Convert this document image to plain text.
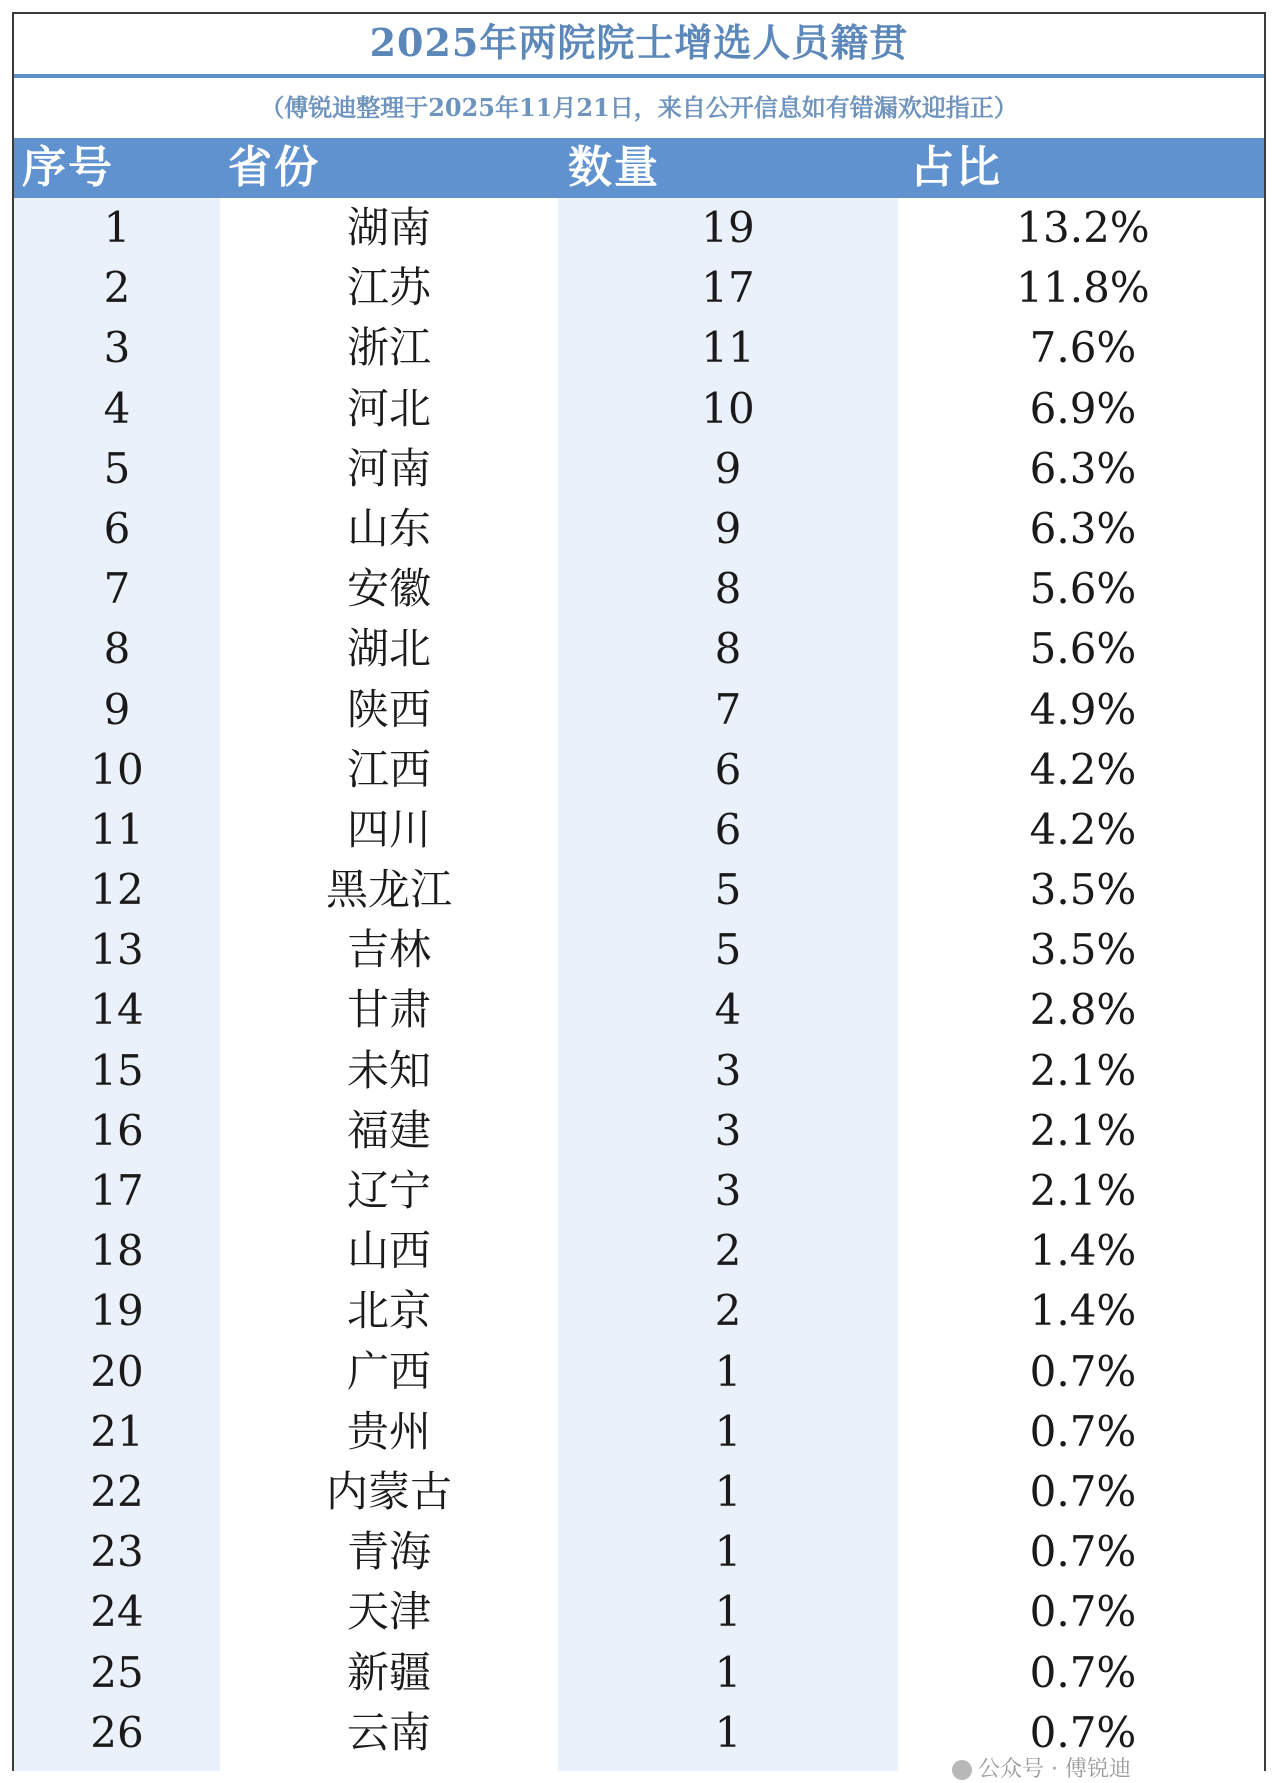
2025年两院院士增选人员籍贯
（傅锐迪整理于2025年11月21日，来自公开信息如有错漏欢迎指正）
序号	省份	数量	占比
1	湖南	19	13.2%
2	江苏	17	11.8%
3	浙江	11	7.6%
4	河北	10	6.9%
5	河南	9	6.3%
6	山东	9	6.3%
7	安徽	8	5.6%
8	湖北	8	5.6%
9	陕西	7	4.9%
10	江西	6	4.2%
11	四川	6	4.2%
12	黑龙江	5	3.5%
13	吉林	5	3.5%
14	甘肃	4	2.8%
15	未知	3	2.1%
16	福建	3	2.1%
17	辽宁	3	2.1%
18	山西	2	1.4%
19	北京	2	1.4%
20	广西	1	0.7%
21	贵州	1	0.7%
22	内蒙古	1	0.7%
23	青海	1	0.7%
24	天津	1	0.7%
25	新疆	1	0.7%
26	云南	1	0.7%
公众号 · 傅锐迪
